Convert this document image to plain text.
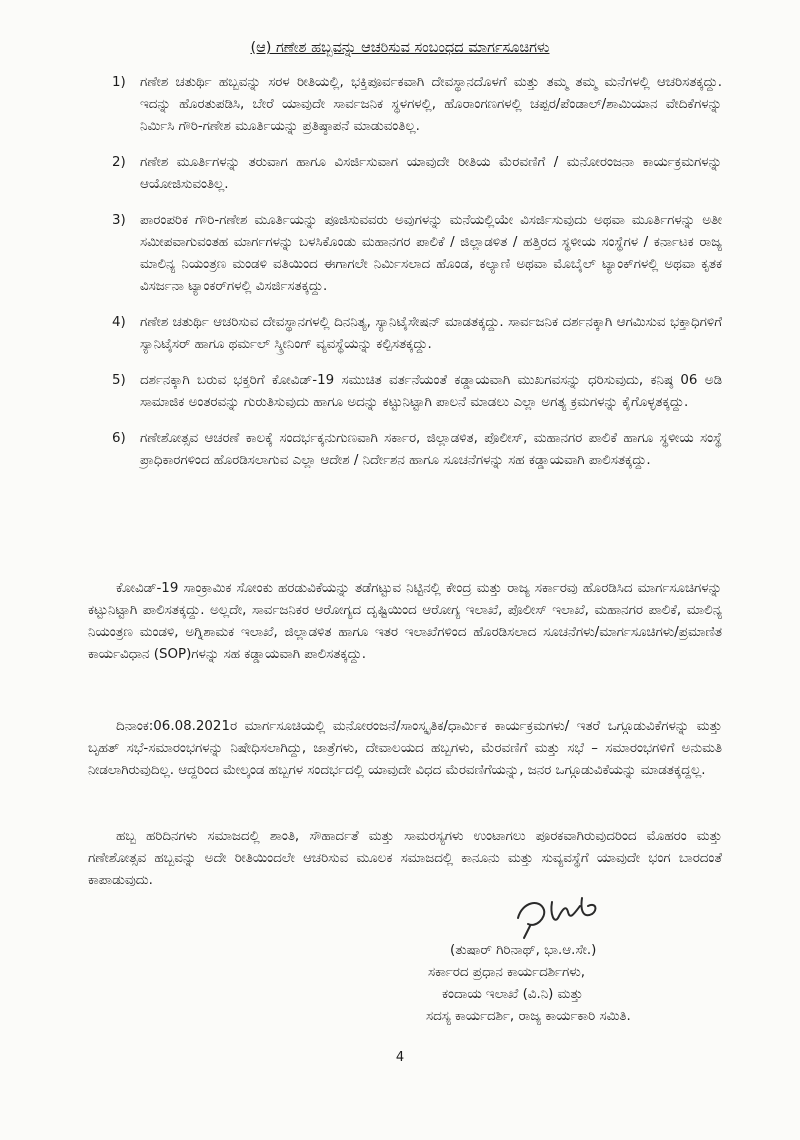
(ಆ) ಗಣೇಶ ಹಬ್ಬವನ್ನು ಆಚರಿಸುವ ಸಂಬಂಧದ ಮಾರ್ಗಸೂಚಿಗಳು
1)	ಗಣೇಶ ಚತುರ್ಥಿ ಹಬ್ಬವನ್ನು ಸರಳ ರೀತಿಯಲ್ಲಿ, ಭಕ್ತಿಪೂರ್ವಕವಾಗಿ ದೇವಸ್ಥಾನದೊಳಗೆ ಮತ್ತು ತಮ್ಮ ತಮ್ಮ ಮನೆಗಳಲ್ಲಿ ಆಚರಿಸತಕ್ಕದ್ದು. ಇದನ್ನು ಹೊರತುಪಡಿಸಿ, ಬೇರೆ ಯಾವುದೇ ಸಾರ್ವಜನಿಕ ಸ್ಥಳಗಳಲ್ಲಿ, ಹೊರಾಂಗಣಗಳಲ್ಲಿ ಚಪ್ಪರ/ಪೆಂಡಾಲ್/ಶಾಮಿಯಾನ ವೇದಿಕೆಗಳನ್ನು ನಿರ್ಮಿಸಿ ಗೌರಿ-ಗಣೇಶ ಮೂರ್ತಿಯನ್ನು ಪ್ರತಿಷ್ಠಾಪನೆ ಮಾಡುವಂತಿಲ್ಲ.
2)	ಗಣೇಶ ಮೂರ್ತಿಗಳನ್ನು ತರುವಾಗ ಹಾಗೂ ವಿಸರ್ಜಿಸುವಾಗ ಯಾವುದೇ ರೀತಿಯ ಮೆರವಣಿಗೆ / ಮನೋರಂಜನಾ ಕಾರ್ಯಕ್ರಮಗಳನ್ನು ಆಯೋಜಿಸುವಂತಿಲ್ಲ.
3)	ಪಾರಂಪರಿಕ ಗೌರಿ-ಗಣೇಶ ಮೂರ್ತಿಯನ್ನು ಪೂಜಿಸುವವರು ಅವುಗಳನ್ನು ಮನೆಯಲ್ಲಿಯೇ ವಿಸರ್ಜಿಸುವುದು ಅಥವಾ ಮೂರ್ತಿಗಳನ್ನು ಅತೀ ಸಮೀಪವಾಗುವಂತಹ ಮಾರ್ಗಗಳನ್ನು ಬಳಸಿಕೊಂಡು ಮಹಾನಗರ ಪಾಲಿಕೆ / ಜಿಲ್ಲಾಡಳಿತ / ಹತ್ತಿರದ ಸ್ಥಳೀಯ ಸಂಸ್ಥೆಗಳ / ಕರ್ನಾಟಕ ರಾಜ್ಯ ಮಾಲಿನ್ಯ ನಿಯಂತ್ರಣ ಮಂಡಳಿ ವತಿಯಿಂದ ಈಗಾಗಲೇ ನಿರ್ಮಿಸಲಾದ ಹೊಂಡ, ಕಲ್ಯಾಣಿ ಅಥವಾ ಮೊಬೈಲ್ ಟ್ಯಾಂಕ್‌ಗಳಲ್ಲಿ ಅಥವಾ ಕೃತಕ ವಿಸರ್ಜನಾ ಟ್ಯಾಂಕರ್‌ಗಳಲ್ಲಿ ವಿಸರ್ಜಿಸತಕ್ಕದ್ದು.
4)	ಗಣೇಶ ಚತುರ್ಥಿ ಆಚರಿಸುವ ದೇವಸ್ಥಾನಗಳಲ್ಲಿ ದಿನನಿತ್ಯ, ಸ್ಯಾನಿಟೈಸೇಷನ್ ಮಾಡತಕ್ಕದ್ದು. ಸಾರ್ವಜನಿಕ ದರ್ಶನಕ್ಕಾಗಿ ಆಗಮಿಸುವ ಭಕ್ತಾಧಿಗಳಿಗೆ ಸ್ಯಾನಿಟೈಸರ್ ಹಾಗೂ ಥರ್ಮಲ್ ಸ್ಕ್ರೀನಿಂಗ್ ವ್ಯವಸ್ಥೆಯನ್ನು ಕಲ್ಪಿಸತಕ್ಕದ್ದು.
5)	ದರ್ಶನಕ್ಕಾಗಿ ಬರುವ ಭಕ್ತರಿಗೆ ಕೋವಿಡ್-19 ಸಮುಚಿತ ವರ್ತನೆಯಂತೆ ಕಡ್ಡಾಯವಾಗಿ ಮುಖಗವಸನ್ನು ಧರಿಸುವುದು, ಕನಿಷ್ಠ 06 ಅಡಿ ಸಾಮಾಜಿಕ ಅಂತರವನ್ನು ಗುರುತಿಸುವುದು ಹಾಗೂ ಅದನ್ನು ಕಟ್ಟುನಿಟ್ಟಾಗಿ ಪಾಲನೆ ಮಾಡಲು ಎಲ್ಲಾ ಅಗತ್ಯ ಕ್ರಮಗಳನ್ನು ಕೈಗೊಳ್ಳತಕ್ಕದ್ದು.
6)	ಗಣೇಶೋತ್ಸವ ಆಚರಣೆ ಕಾಲಕ್ಕೆ ಸಂದರ್ಭಕ್ಕನುಗುಣವಾಗಿ ಸರ್ಕಾರ, ಜಿಲ್ಲಾಡಳಿತ, ಪೊಲೀಸ್, ಮಹಾನಗರ ಪಾಲಿಕೆ ಹಾಗೂ ಸ್ಥಳೀಯ ಸಂಸ್ಥೆ ಪ್ರಾಧಿಕಾರಗಳಿಂದ ಹೊರಡಿಸಲಾಗುವ ಎಲ್ಲಾ ಆದೇಶ / ನಿರ್ದೇಶನ ಹಾಗೂ ಸೂಚನೆಗಳನ್ನು ಸಹ ಕಡ್ಡಾಯವಾಗಿ ಪಾಲಿಸತಕ್ಕದ್ದು.
ಕೋವಿಡ್-19 ಸಾಂಕ್ರಾಮಿಕ ಸೋಂಕು ಹರಡುವಿಕೆಯನ್ನು ತಡೆಗಟ್ಟುವ ನಿಟ್ಟಿನಲ್ಲಿ ಕೇಂದ್ರ ಮತ್ತು ರಾಜ್ಯ ಸರ್ಕಾರವು ಹೊರಡಿಸಿದ ಮಾರ್ಗಸೂಚಿಗಳನ್ನು ಕಟ್ಟುನಿಟ್ಟಾಗಿ ಪಾಲಿಸತಕ್ಕದ್ದು. ಅಲ್ಲದೇ, ಸಾರ್ವಜನಿಕರ ಆರೋಗ್ಯದ ದೃಷ್ಟಿಯಿಂದ ಆರೋಗ್ಯ ಇಲಾಖೆ, ಪೊಲೀಸ್ ಇಲಾಖೆ, ಮಹಾನಗರ ಪಾಲಿಕೆ, ಮಾಲಿನ್ಯ ನಿಯಂತ್ರಣ ಮಂಡಳಿ, ಅಗ್ನಿಶಾಮಕ ಇಲಾಖೆ, ಜಿಲ್ಲಾಡಳಿತ ಹಾಗೂ ಇತರ ಇಲಾಖೆಗಳಿಂದ ಹೊರಡಿಸಲಾದ ಸೂಚನೆಗಳು/ಮಾರ್ಗಸೂಚಿಗಳು/ಪ್ರಮಾಣಿತ ಕಾರ್ಯವಿಧಾನ (SOP)ಗಳನ್ನು ಸಹ ಕಡ್ಡಾಯವಾಗಿ ಪಾಲಿಸತಕ್ಕದ್ದು.
ದಿನಾಂಕ:06.08.2021ರ ಮಾರ್ಗಸೂಚಿಯಲ್ಲಿ ಮನೋರಂಜನೆ/ಸಾಂಸ್ಕೃತಿಕ/ಧಾರ್ಮಿಕ ಕಾರ್ಯಕ್ರಮಗಳು/ ಇತರೆ ಒಗ್ಗೂಡುವಿಕೆಗಳನ್ನು ಮತ್ತು ಬೃಹತ್ ಸಭೆ-ಸಮಾರಂಭಗಳನ್ನು ನಿಷೇಧಿಸಲಾಗಿದ್ದು, ಜಾತ್ರೆಗಳು, ದೇವಾಲಯದ ಹಬ್ಬಗಳು, ಮೆರವಣಿಗೆ ಮತ್ತು ಸಭೆ – ಸಮಾರಂಭಗಳಿಗೆ ಅನುಮತಿ ನೀಡಲಾಗಿರುವುದಿಲ್ಲ. ಆದ್ದರಿಂದ ಮೇಲ್ಕಂಡ ಹಬ್ಬಗಳ ಸಂದರ್ಭದಲ್ಲಿ ಯಾವುದೇ ವಿಧದ ಮೆರವಣಿಗೆಯನ್ನು, ಜನರ ಒಗ್ಗೂಡುವಿಕೆಯನ್ನು ಮಾಡತಕ್ಕದ್ದಲ್ಲ.
ಹಬ್ಬ ಹರಿದಿನಗಳು ಸಮಾಜದಲ್ಲಿ ಶಾಂತಿ, ಸೌಹಾರ್ದತೆ ಮತ್ತು ಸಾಮರಸ್ಯಗಳು ಉಂಟಾಗಲು ಪೂರಕವಾಗಿರುವುದರಿಂದ ಮೊಹರಂ ಮತ್ತು ಗಣೇಶೋತ್ಸವ ಹಬ್ಬವನ್ನು ಅದೇ ರೀತಿಯಿಂದಲೇ ಆಚರಿಸುವ ಮೂಲಕ ಸಮಾಜದಲ್ಲಿ ಕಾನೂನು ಮತ್ತು ಸುವ್ಯವಸ್ಥೆಗೆ ಯಾವುದೇ ಭಂಗ ಬಾರದಂತೆ ಕಾಪಾಡುವುದು.
(ತುಷಾರ್ ಗಿರಿನಾಥ್, ಭಾ.ಆ.ಸೇ.)
ಸರ್ಕಾರದ ಪ್ರಧಾನ ಕಾರ್ಯದರ್ಶಿಗಳು,
ಕಂದಾಯ ಇಲಾಖೆ (ವಿ.ನಿ) ಮತ್ತು
ಸದಸ್ಯ ಕಾರ್ಯದರ್ಶಿ, ರಾಜ್ಯ ಕಾರ್ಯಕಾರಿ ಸಮಿತಿ.
4
